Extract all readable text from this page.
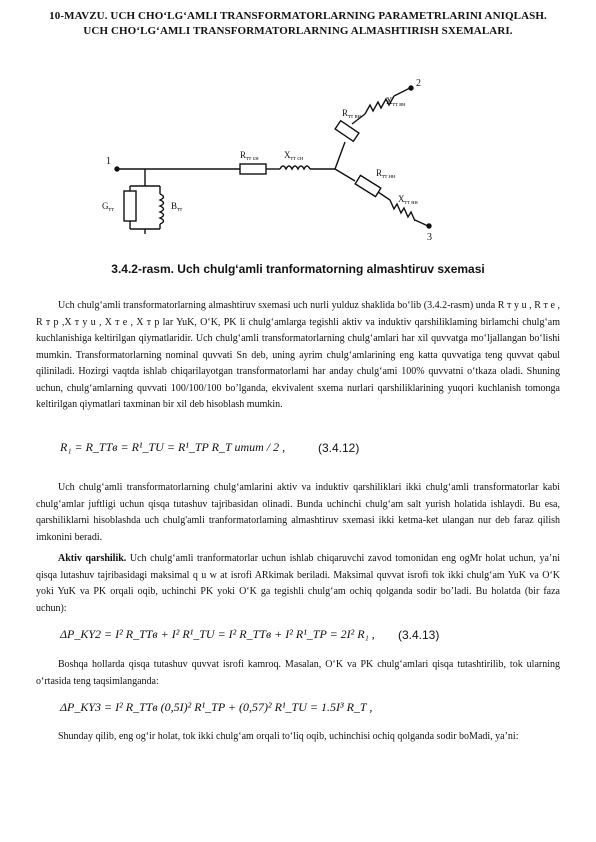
10-MAVZU. UCH CHO‘LG‘AMLI TRANSFORMATORLARNING PARAMETRLARINI ANIQLASH.
UCH CHO‘LG‘AMLI TRANSFORMATORLARNING ALMASHTIRISH SXEMALARI.
1
2
3
$G_{тт}$	$B_{тт}$
$R_{тт сн}$	$X_{тт сн}$
$R_{тт вн}$
$X_{тт вн}$
$R_{тт нн}$
$X_{тт нн}$
3.4.2-rasm. Uch chulg‘amli tranformatorning almashtiruv sxemasi

Uch chulg‘amli transformatorlarning almashtiruv sxemasi uch nurli yulduz shaklida bo‘lib (3.4.2-rasm) unda R т у u , R т e , R т p ,X т у u , X т e , X т p lar YuK, O‘K, PK li chulg‘amlarga tegishli aktiv va induktiv qarshiliklaming birlamchi chulg‘am kuchlanishiga keltirilgan qiymatlaridir. Uch chulg‘amli transformatorlarning chulg‘amlari har xil quvvatga mo‘ljallangan bo‘lishi mumkin. Transformatorlarning nominal quvvati Sn deb, uning ayrim chulg‘amlarining eng katta quvvatiga teng quvvat qabul qiliniladi. Hozirgi vaqtda ishlab chiqarilayotgan transformatorlami har anday chulg‘ami 100% quvvatni o‘tkaza oladi. Shuning uchun, chulg‘amlarning quvvati 100/100/100 bo’lganda, ekvivalent sxema nurlari qarshiliklarining yuqori kuchlanish tomonga keltirilgan qiymatlari taxminan bir xil deb hisoblash mumkin.

R₁ = R_TTв = R¹_TU = R¹_TP R_T umum / 2 ,	(3.4.12)

Uch chulg‘amli transformatorlarning chulg‘amlarini aktiv va induktiv qarshiliklari ikki chulg‘amli transformatorlar kabi chulg‘amlar juftligi uchun qisqa tutashuv tajribasidan olinadi. Bunda uchinchi chulg‘am salt yurish holatida ishlaydi. Bu esa, qarshiliklarni hisoblashda uch chulg'amli tranformatorlaming almashtiruv sxemasi ikki ketma-ket ulangan nur deb faraz qilish imkonini beradi.

Aktiv qarshilik. Uch chulg‘amli tranformatorlar uchun ishlab chiqaruvchi zavod tomonidan eng ogMr holat uchun, ya’ni qisqa lutashuv tajribasidagi maksimal q u w at isrofi ARkimak beriladi. Maksimal quvvat isrofi tok ikki chulg‘am YuK va O‘K yoki YuK va PK orqali oqib, uchinchi PK yoki O‘K ga tegishli chulg‘am ochiq qolganda sodir bo’ladi. Bu holatda (bir faza uchun):

ΔP_KY2 = I² R_TTв + I² R¹_TU = I² R_TTв + I² R¹_TP = 2I² R₁ , (3.4.13)

Boshqa hollarda qisqa tutashuv quvvat isrofi kamroq. Masalan, O‘K va PK chulg‘amlari qisqa tutashtirilib, tok ularning o‘rtasida teng taqsimlanganda:

ΔP_KY3 = I² R_TTв (0,5I)² R¹_TP + (0,57)² R¹_TU = 1.5I³ R_T ,

Shunday qilib, eng og‘ir holat, tok ikki chulg‘am orqali to‘liq oqib, uchinchisi ochiq qolganda sodir boMadi, ya’ni:
